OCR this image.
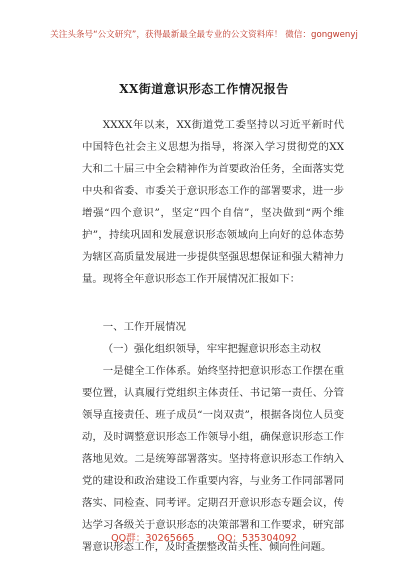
关注头条号“公文研究”，获得最新最全最专业的公文资料库！ 微信：gongwenyj
XX街道意识形态工作情况报告
XXXX年以来，XX街道党工委坚持以习近平新时代中国特色社会主义思想为指导，将深入学习贯彻党的XX大和二十届三中全会精神作为首要政治任务，全面落实党中央和省委、市委关于意识形态工作的部署要求，进一步增强“四个意识”，坚定“四个自信”，坚决做到“两个维护”，持续巩固和发展意识形态领域向上向好的总体态势为辖区高质量发展进一步提供坚强思想保证和强大精神力量。现将全年意识形态工作开展情况汇报如下：
一、工作开展情况
（一）强化组织领导，牢牢把握意识形态主动权
一是健全工作体系。始终坚持把意识形态工作摆在重要位置，认真履行党组织主体责任、书记第一责任、分管领导直接责任、班子成员“一岗双责”，根据各岗位人员变动，及时调整意识形态工作领导小组，确保意识形态工作落地见效。二是统筹部署落实。坚持将意识形态工作纳入党的建设和政治建设工作重要内容，与业务工作同部署同落实、同检查、同考评。定期召开意识形态专题会议，传达学习各级关于意识形态的决策部署和工作要求，研究部署意识形态工作，及时查摆整改苗头性、倾向性问题。
QQ群：30265665 QQ：535304092
